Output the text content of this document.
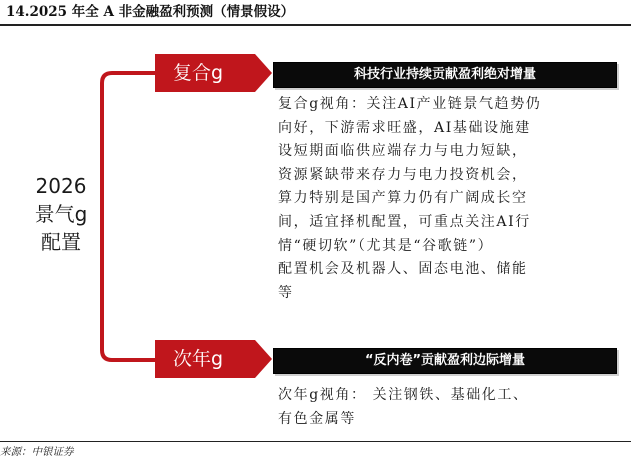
14.2025 年全 A 非金融盈利预测（情景假设）
2026
景气g
配置
复合g	科技行业持续贡献盈利绝对增量
复合g视角：关注AI产业链景气趋势仍
向好，下游需求旺盛，AI基础设施建
设短期面临供应端存力与电力短缺，
资源紧缺带来存力与电力投资机会，
算力特别是国产算力仍有广阔成长空
间，适宜择机配置，可重点关注AI行
情“硬切软”（尤其是“谷歌链”）
配置机会及机器人、固态电池、储能
等
次年g	“反内卷”贡献盈利边际增量
次年g视角： 关注钢铁、基础化工、
有色金属等
来源：中银证券
